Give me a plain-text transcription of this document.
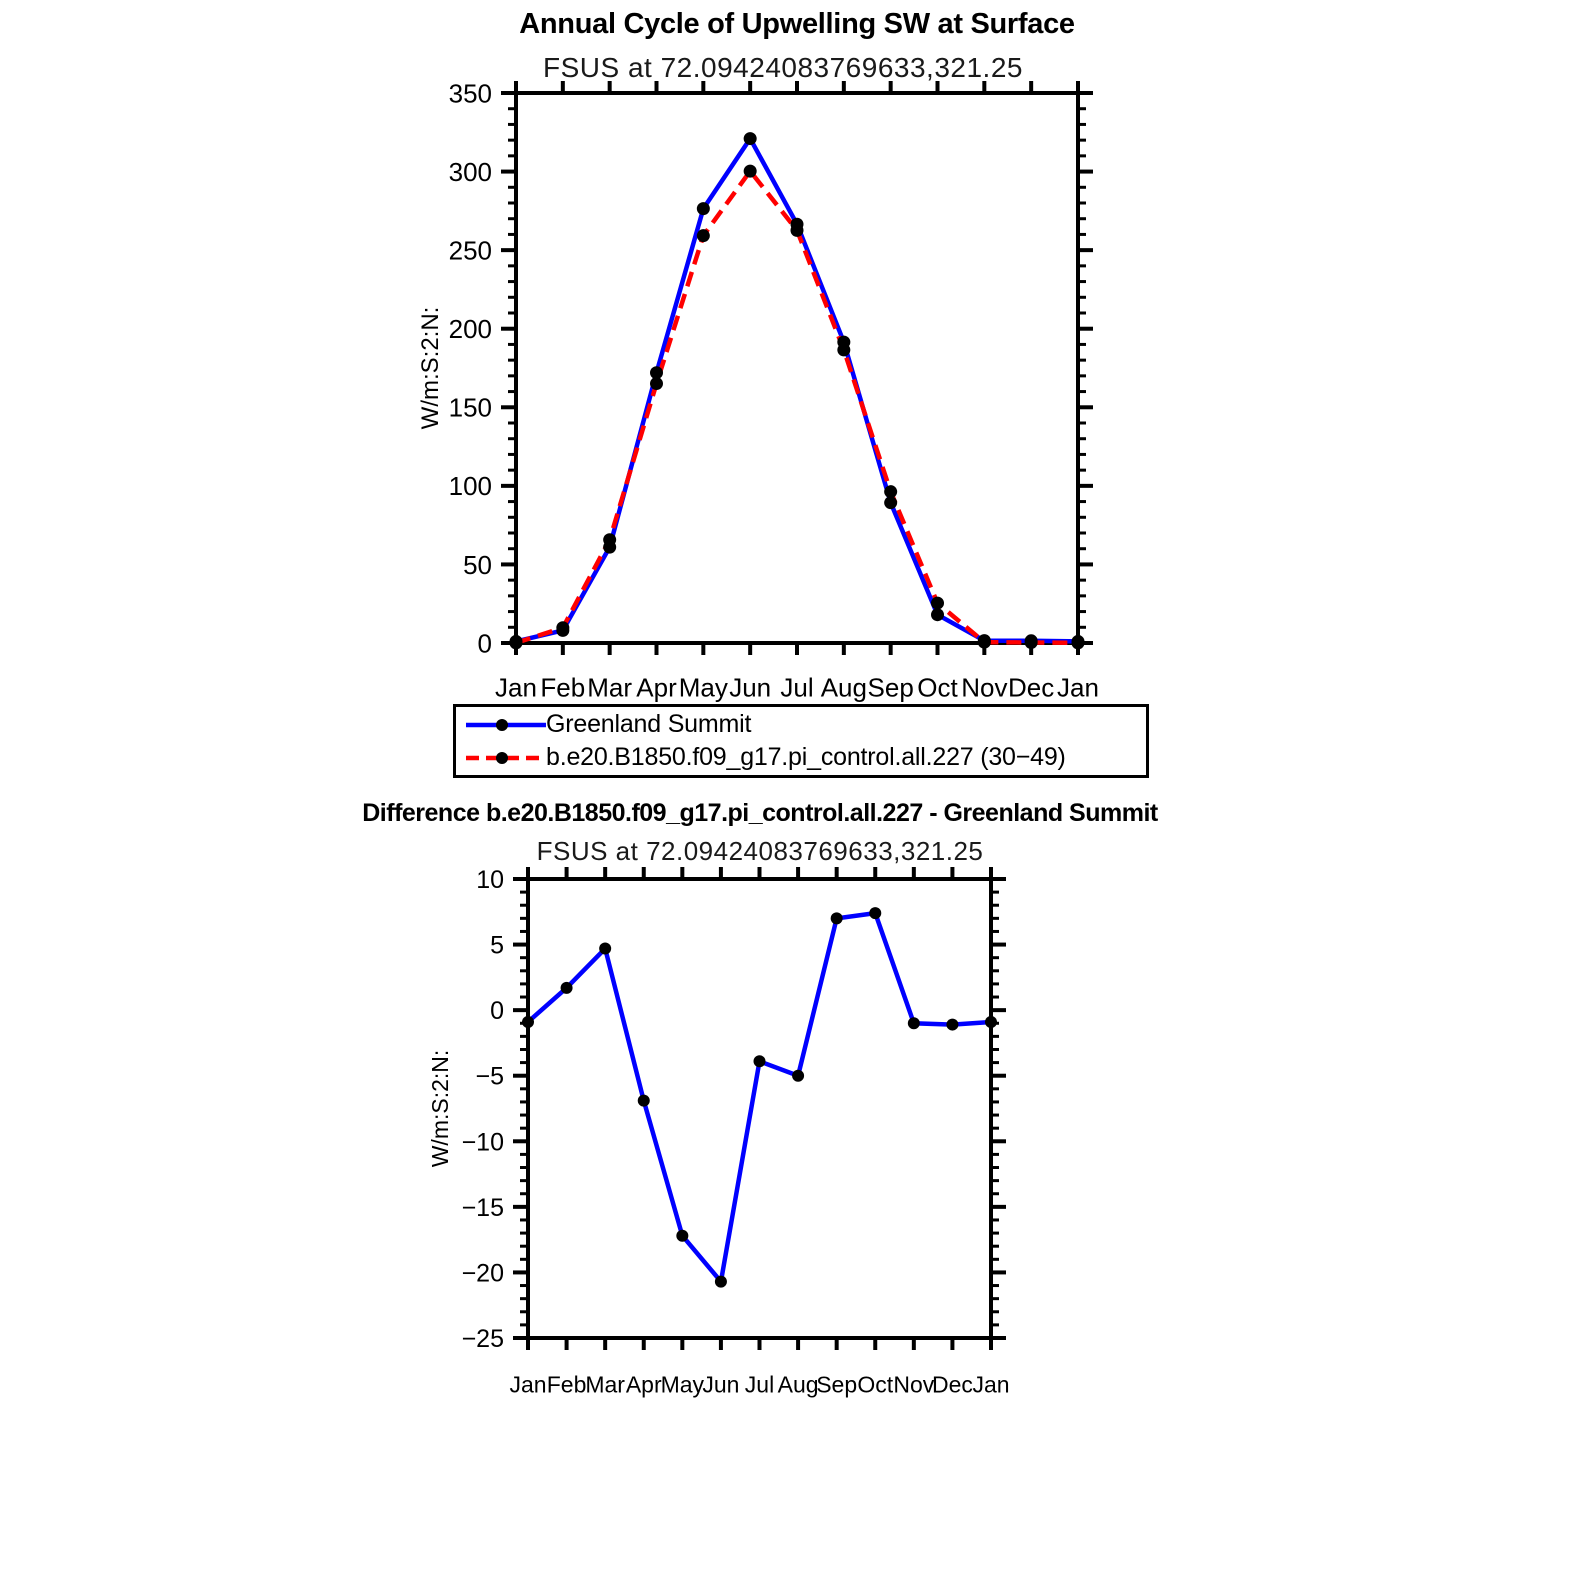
Annual Cycle of Upwelling SW at Surface
FSUS at 72.09424083769633,321.25
0
50
100
150
200
250
300
350
Jan Feb Mar Apr May Jun Jul Aug Sep Oct Nov Dec Jan
W/m:S:2:N:
−25
−20
−15
−10
−5
0
5
10
Jan Feb
Mar Apr
May
Jun Jul Aug
Sep Oct Nov
Dec Jan
W/m:S:2:N:
Greenland Summit
b.e20.B1850.f09_g17.pi_control.all.227 (30−49)
Difference b.e20.B1850.f09_g17.pi_control.all.227 - Greenland Summit
FSUS at 72.09424083769633,321.25
